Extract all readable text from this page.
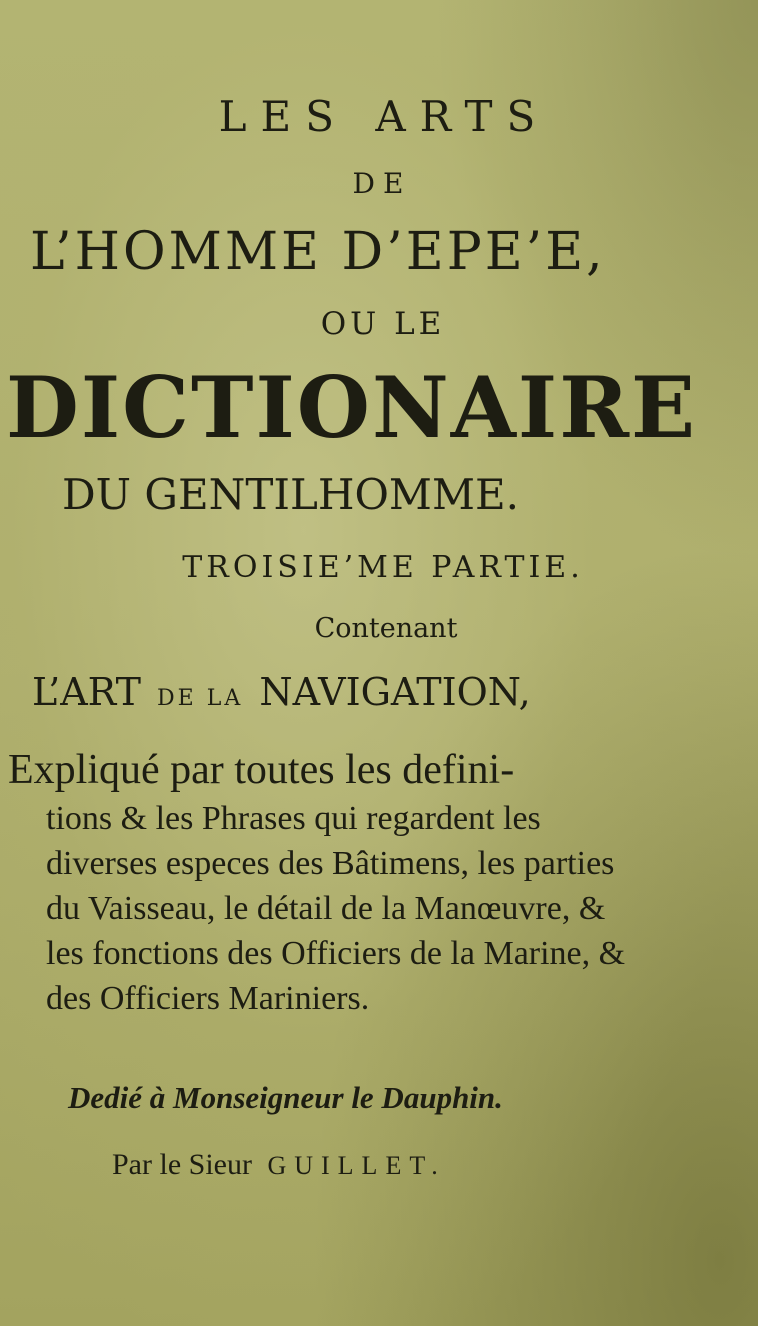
LES ARTS
DE
L’HOMME D’EPE’E,
OU LE
DICTIONAIRE
DU GENTILHOMME.
TROISIE’ME PARTIE.
Contenant
L’ART DE LA NAVIGATION,
Expliqué par toutes les defini-
tions & les Phrases qui regardent les diverses especes des Bâtimens, les parties du Vaisseau, le détail de la Manœuvre, & les fonctions des Officiers de la Marine, & des Officiers Mariniers.
Dedié à Monseigneur le Dauphin.
Par le Sieur GUILLET.
